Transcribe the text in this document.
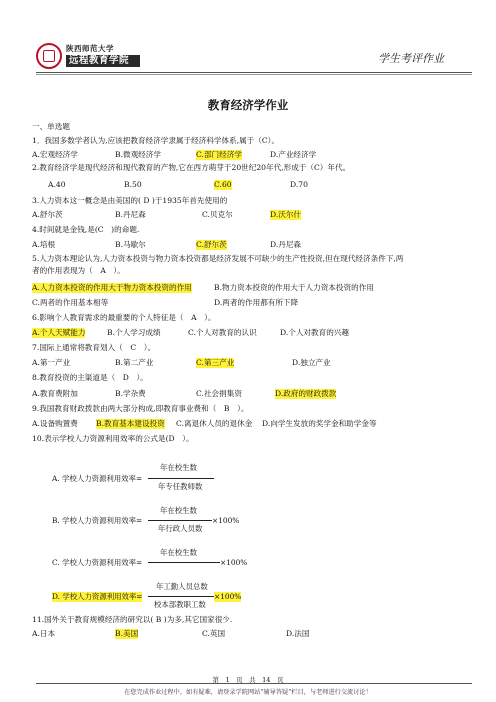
陕西师范大学
远程教育学院	学生考评作业
教育经济学作业
一、单选题
1．我国多数学者认为,应该把教育经济学隶属于经济科学体系,属于（C）。
A.宏观经济学	B.微观经济学	C.部门经济学	D.产业经济学
2.教育经济学是现代经济和现代教育的产物,它在西方萌芽于20世纪20年代,形成于（C）年代。
A.40	B.50	C.60	D.70
3.人力资本这一概念是由美国的( D )于1935年首先使用的
A.舒尔茨	B.丹尼森	C.贝克尔	D.沃尔什
4.时间就是金钱,是(C　)的命题.
A.培根	B.马歇尔	C.舒尔茨	D.丹尼森
5.人力资本理论认为,人力资本投资与物力资本投资都是经济发展不可缺少的生产性投资,但在现代经济条件下,两
者的作用表现为（　A　）。
A.人力资本投资的作用大于物力资本投资的作用	B.物力资本投资的作用大于人力资本投资的作用
C.两者的作用基本相等	D.两者的作用都有所下降
6.影响个人教育需求的最重要的个人特征是（　A　）。
A.个人天赋能力	B.个人学习成绩	C.个人对教育的认识	D.个人对教育的兴趣
7.国际上通常将教育划入（　C　）。
A.第一产业	B.第二产业	C.第三产业	D.独立产业
8.教育投资的主渠道是（　D　）。
A.教育费附加	B.学杂费	C.社会捐集资	D.政府的财政拨款
9.我国教育财政拨款由两大部分构成,即教育事业费和（　B　）。
A.设备购置费 B.教育基本建设投资 C.离退休人员的退休金 D.向学生发放的奖学金和助学金等
10.表示学校人力资源利用效率的公式是(D　）。
年在校生数
A. 学校人力资源利用效率=
年专任教师数
年在校生数
B. 学校人力资源利用效率=	×100%
年行政人员数
年在校生数
C. 学校人力资源利用效率=	×100%
年工勤人员总数
D. 学校人力资源利用效率=	×100%
校本部教职工数
11.国外关于教育规模经济的研究以( B )为多,其它国家很少.
A.日本	B.美国	C.英国	D.法国
第　1　页　共　14　页
在您完成作业过程中，如有疑难，请登录学院网站“辅导答疑”栏目，与老师进行交流讨论！
